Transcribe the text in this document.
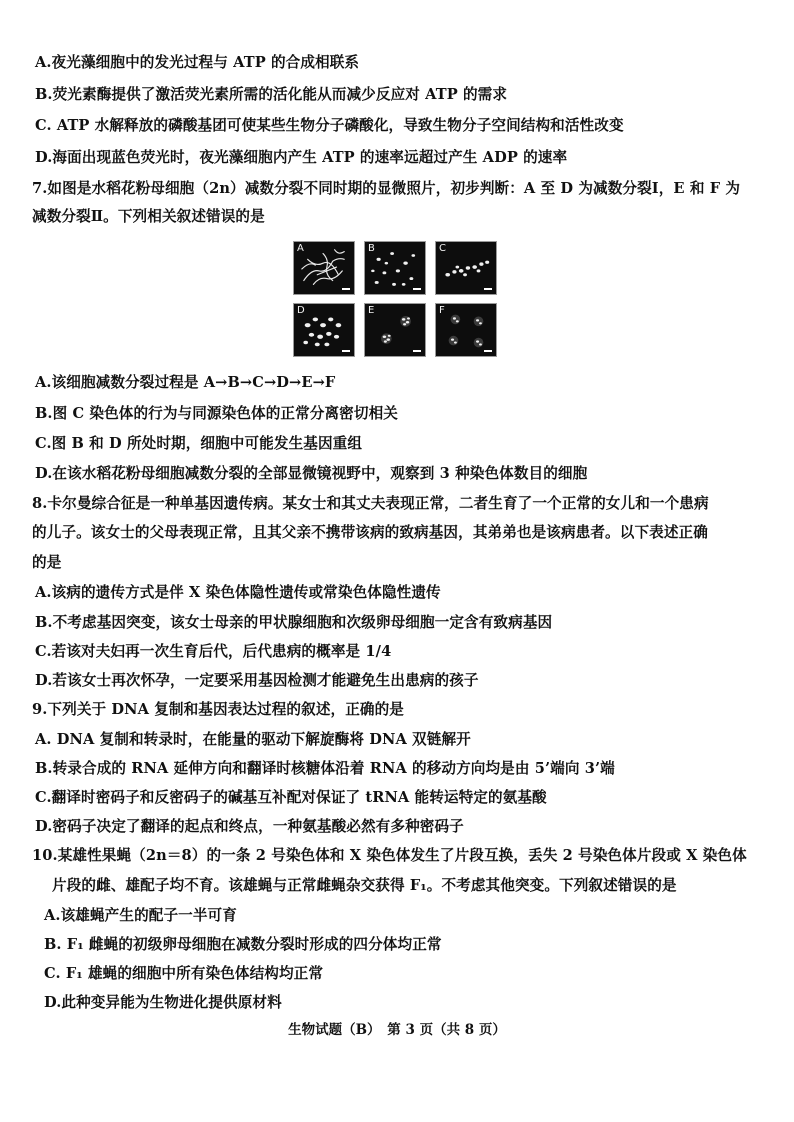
A.夜光藻细胞中的发光过程与 ATP 的合成相联系
B.荧光素酶提供了激活荧光素所需的活化能从而减少反应对 ATP 的需求
C. ATP 水解释放的磷酸基团可使某些生物分子磷酸化，导致生物分子空间结构和活性改变
D.海面出现蓝色荧光时，夜光藻细胞内产生 ATP 的速率远超过产生 ADP 的速率
7.如图是水稻花粉母细胞（2n）减数分裂不同时期的显微照片，初步判断：A 至 D 为减数分裂Ⅰ，E 和 F 为
减数分裂Ⅱ。下列相关叙述错误的是
A	B	C
D	E	F
A.该细胞减数分裂过程是 A→B→C→D→E→F
B.图 C 染色体的行为与同源染色体的正常分离密切相关
C.图 B 和 D 所处时期，细胞中可能发生基因重组
D.在该水稻花粉母细胞减数分裂的全部显微镜视野中，观察到 3 种染色体数目的细胞
8.卡尔曼综合征是一种单基因遗传病。某女士和其丈夫表现正常，二者生育了一个正常的女儿和一个患病
的儿子。该女士的父母表现正常，且其父亲不携带该病的致病基因，其弟弟也是该病患者。以下表述正确
的是
A.该病的遗传方式是伴 X 染色体隐性遗传或常染色体隐性遗传
B.不考虑基因突变，该女士母亲的甲状腺细胞和次级卵母细胞一定含有致病基因
C.若该对夫妇再一次生育后代，后代患病的概率是 1/4
D.若该女士再次怀孕，一定要采用基因检测才能避免生出患病的孩子
9.下列关于 DNA 复制和基因表达过程的叙述，正确的是
A. DNA 复制和转录时，在能量的驱动下解旋酶将 DNA 双链解开
B.转录合成的 RNA 延伸方向和翻译时核糖体沿着 RNA 的移动方向均是由 5’端向 3’端
C.翻译时密码子和反密码子的碱基互补配对保证了 tRNA 能转运特定的氨基酸
D.密码子决定了翻译的起点和终点，一种氨基酸必然有多种密码子
10.某雄性果蝇（2n＝8）的一条 2 号染色体和 X 染色体发生了片段互换，丢失 2 号染色体片段或 X 染色体
片段的雌、雄配子均不育。该雄蝇与正常雌蝇杂交获得 F₁。不考虑其他突变。下列叙述错误的是
A.该雄蝇产生的配子一半可育
B. F₁ 雌蝇的初级卵母细胞在减数分裂时形成的四分体均正常
C. F₁ 雄蝇的细胞中所有染色体结构均正常
D.此种变异能为生物进化提供原材料
生物试题（B）　第 3 页（共 8 页）
